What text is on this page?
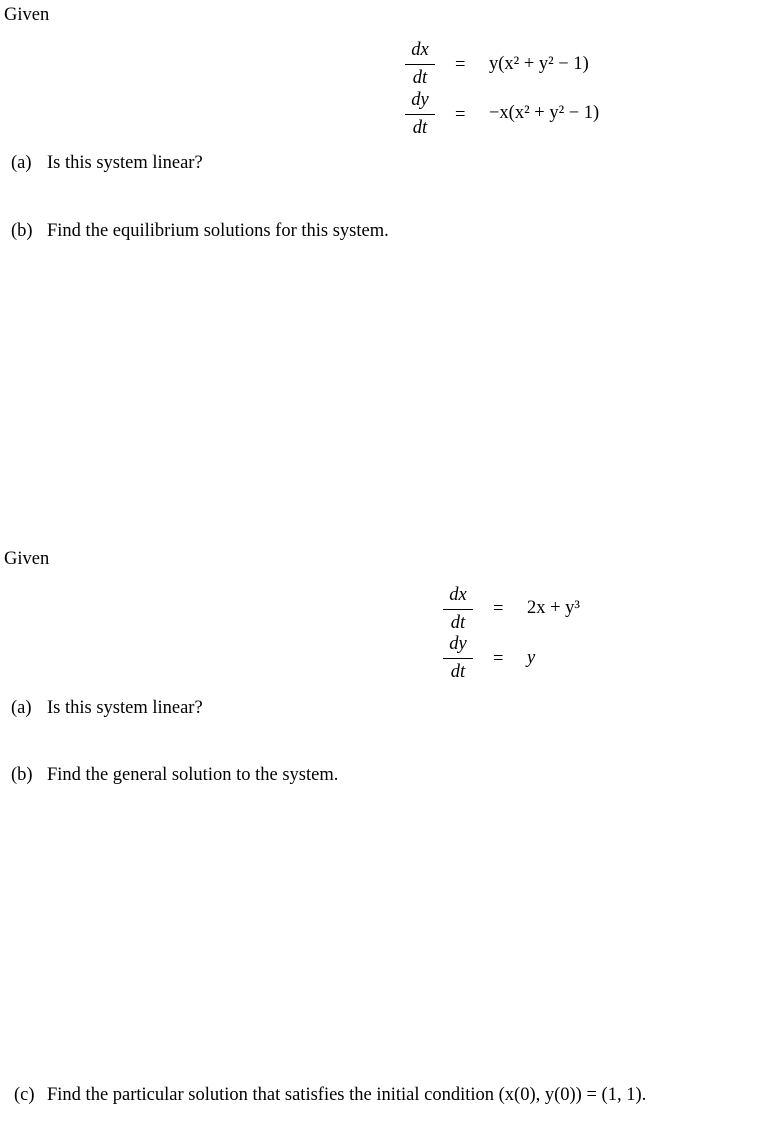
Given
dx
dt
= y(x² + y² − 1)
dy
dt
= −x(x² + y² − 1)
(a) Is this system linear?
(b) Find the equilibrium solutions for this system.
Given
dx
dt
= 2x + y³
dy
dt
= y
(a) Is this system linear?
(b) Find the general solution to the system.
(c) Find the particular solution that satisfies the initial condition (x(0), y(0)) = (1, 1).
